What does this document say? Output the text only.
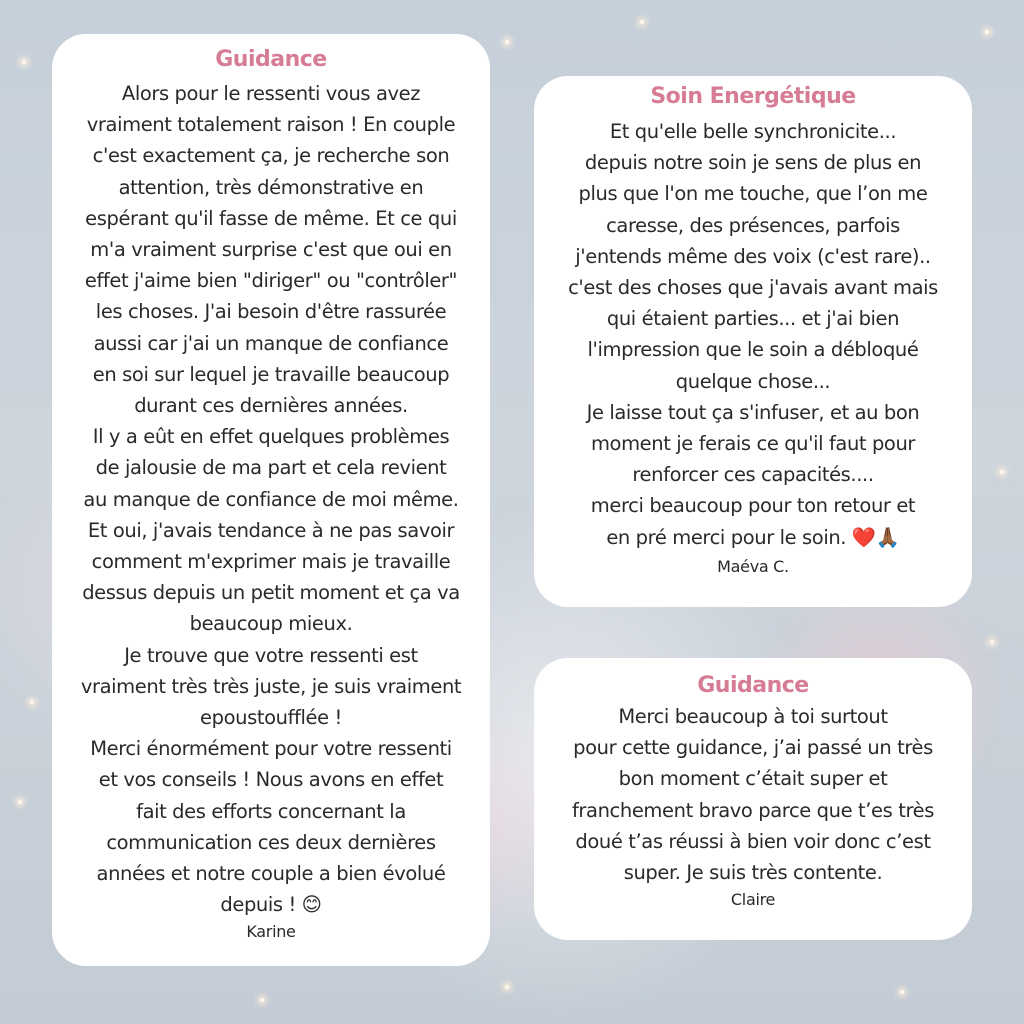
Guidance
Alors pour le ressenti vous avez
vraiment totalement raison ! En couple
c'est exactement ça, je recherche son
attention, très démonstrative en
espérant qu'il fasse de même. Et ce qui
m'a vraiment surprise c'est que oui en
effet j'aime bien "diriger" ou "contrôler"
les choses. J'ai besoin d'être rassurée
aussi car j'ai un manque de confiance
en soi sur lequel je travaille beaucoup
durant ces dernières années.
Il y a eût en effet quelques problèmes
de jalousie de ma part et cela revient
au manque de confiance de moi même.
Et oui, j'avais tendance à ne pas savoir
comment m'exprimer mais je travaille
dessus depuis un petit moment et ça va
beaucoup mieux.
Je trouve que votre ressenti est
vraiment très très juste, je suis vraiment
epoustoufflée !
Merci énormément pour votre ressenti
et vos conseils ! Nous avons en effet
fait des efforts concernant la
communication ces deux dernières
années et notre couple a bien évolué
depuis ! 😊
Karine
Soin Energétique
Et qu'elle belle synchronicite...
depuis notre soin je sens de plus en
plus que l'on me touche, que l’on me
caresse, des présences, parfois
j'entends même des voix (c'est rare)..
c'est des choses que j'avais avant mais
qui étaient parties... et j'ai bien
l'impression que le soin a débloqué
quelque chose...
Je laisse tout ça s'infuser, et au bon
moment je ferais ce qu'il faut pour
renforcer ces capacités....
merci beaucoup pour ton retour et
en pré merci pour le soin. ❤️🙏🏾
Maéva C.
Guidance
Merci beaucoup à toi surtout
pour cette guidance, j’ai passé un très
bon moment c’était super et
franchement bravo parce que t’es très
doué t’as réussi à bien voir donc c’est
super. Je suis très contente.
Claire
